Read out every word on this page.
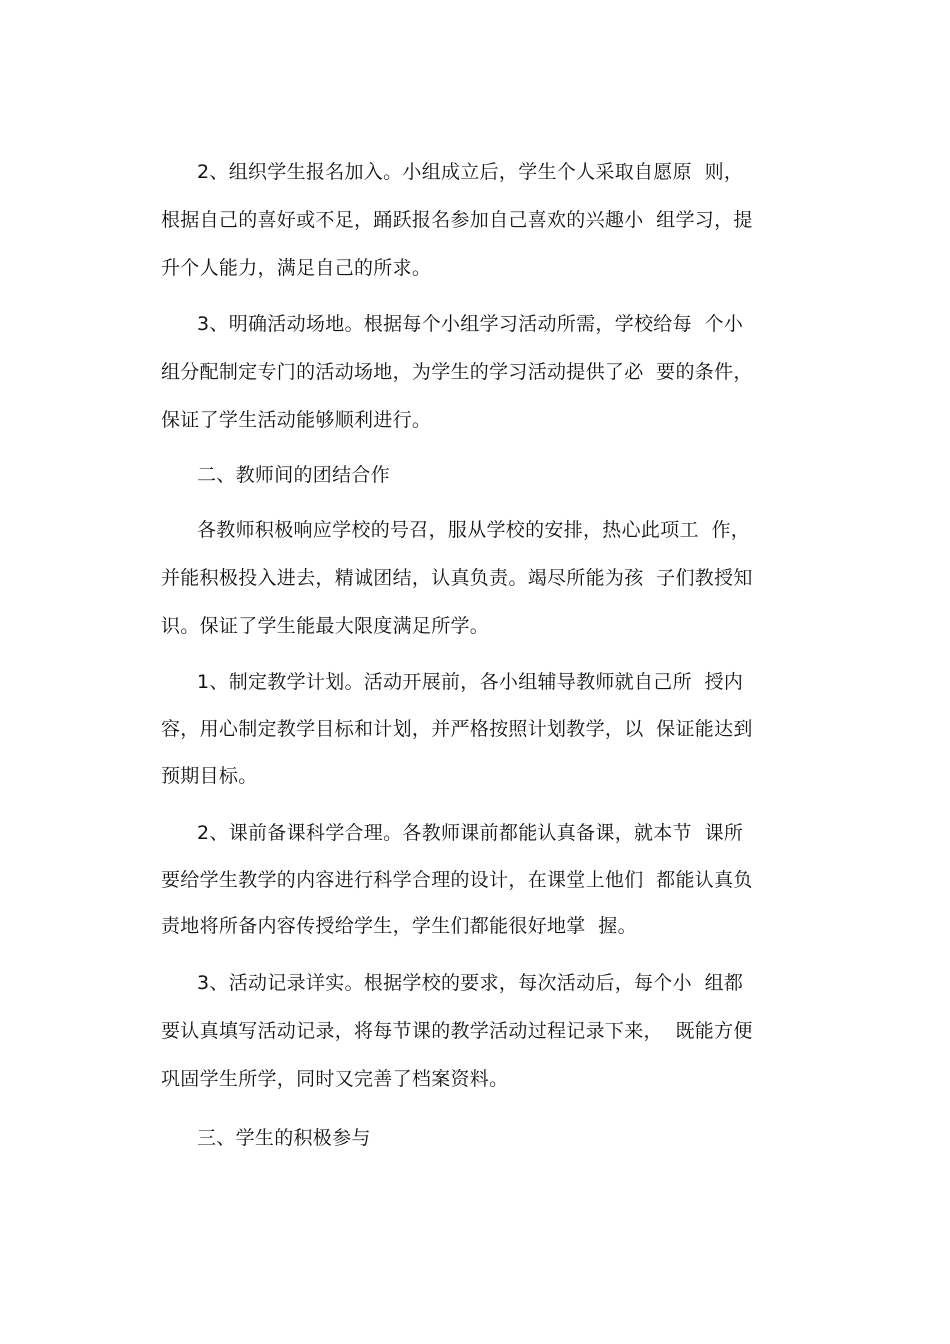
2、组织学生报名加入。小组成立后，学生个人采取自愿原  则，
根据自己的喜好或不足，踊跃报名参加自己喜欢的兴趣小  组学习，提
升个人能力，满足自己的所求。
3、明确活动场地。根据每个小组学习活动所需，学校给每  个小
组分配制定专门的活动场地，为学生的学习活动提供了必  要的条件，
保证了学生活动能够顺利进行。
二、教师间的团结合作
各教师积极响应学校的号召，服从学校的安排，热心此项工  作，
并能积极投入进去，精诚团结，认真负责。竭尽所能为孩  子们教授知
识。保证了学生能最大限度满足所学。
1、制定教学计划。活动开展前，各小组辅导教师就自己所  授内
容，用心制定教学目标和计划，并严格按照计划教学，以  保证能达到
预期目标。
2、课前备课科学合理。各教师课前都能认真备课，就本节  课所
要给学生教学的内容进行科学合理的设计，在课堂上他们  都能认真负
责地将所备内容传授给学生，学生们都能很好地掌  握。
3、活动记录详实。根据学校的要求，每次活动后，每个小  组都
要认真填写活动记录，将每节课的教学活动过程记录下来，  既能方便
巩固学生所学，同时又完善了档案资料。
三、学生的积极参与
